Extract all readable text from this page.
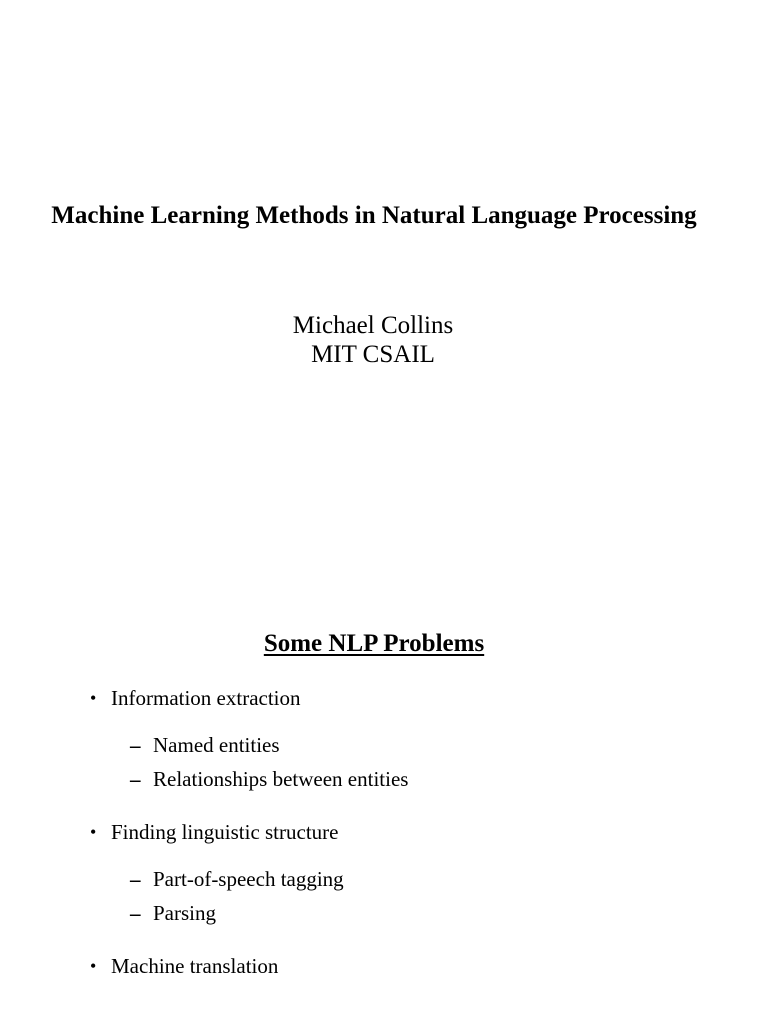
Machine Learning Methods in Natural Language Processing
Michael Collins
MIT CSAIL
Some NLP Problems
• Information extraction
– Named entities
– Relationships between entities
• Finding linguistic structure
– Part-of-speech tagging
– Parsing
• Machine translation
